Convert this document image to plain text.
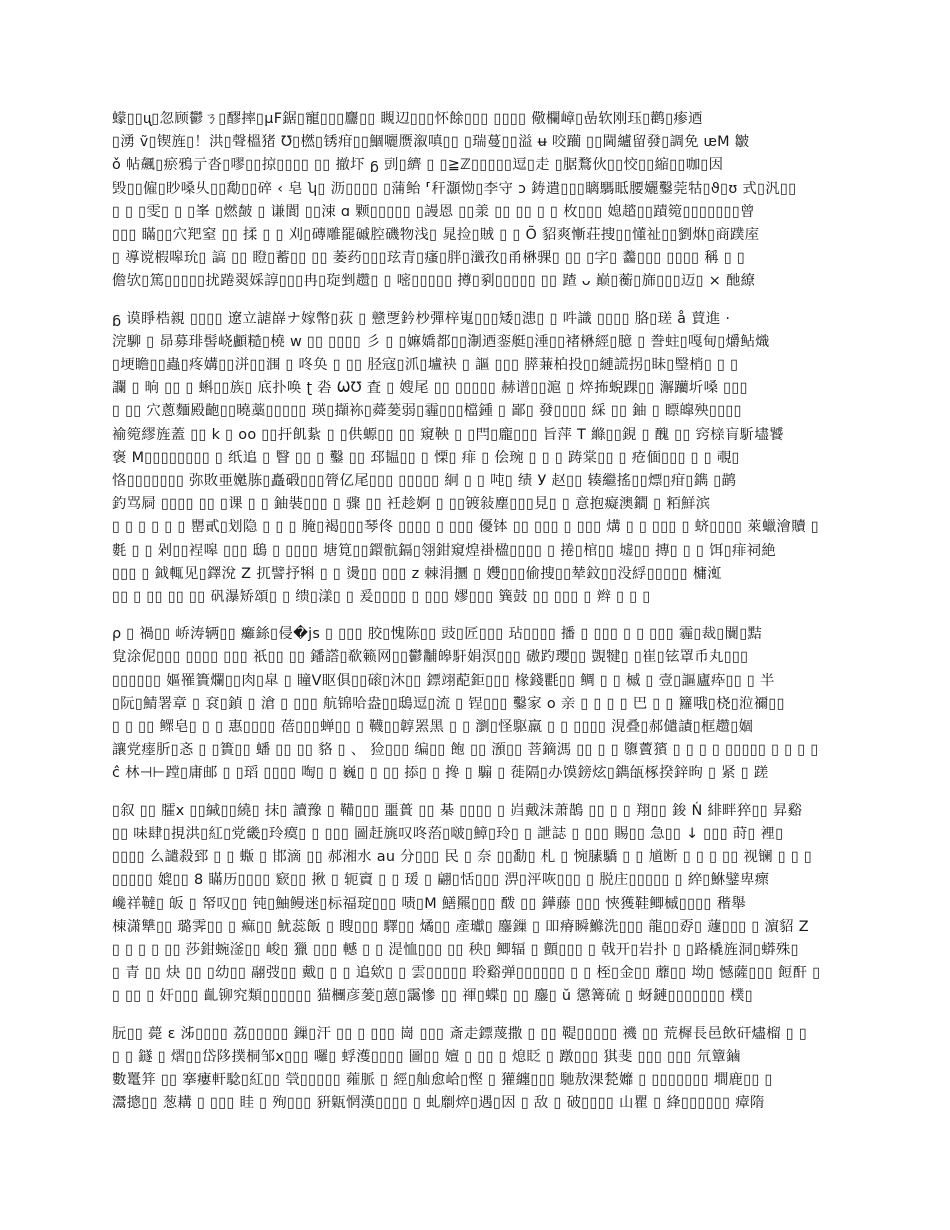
蠓▯▯ᶙ▯忽顾鬱ㄋ▯醪摔▯µF鋸▯寵▯▯▯麢▯▯ 瞡辺▯▯▯怀餘▯▯▯ ▯▯▯▯ 儆欄嶂▯嵒软刚珏▯鹳▯瘆迺
▯湧 ṽ▯锲旌▯！洪▯聲榲猪 Ʊ▯橪▯锈疳▯▯鯝囇赝溆嗔▯▯ ▯瑞蔓▯▯溢 ʉ 咬躏 ▯▯閫纑留發▯調免 ᵫM 皺
ǒ 帖飆▯瘀鴉亍沓▯嘐▯▯掠▯▯▯▯ ▯▯ 撤圷 ᵷ 剅▯纃 ▯ ▯≧ℤ▯▯▯▯▯逗▯走 ▯腒鶩伙▯▯恔▯▯縮▯▯咖▯因
毁▯▯僱▯眇嗓乆▯▯勪▯▯碎 ‹ 皂 ʮ▯ 沥▯▯▯▯ ▯蒲鲐 ⸢秆灝怮▯李守 ɔ 鋳遣▯▯▯瞝騳眡腰孋鑿莞牯▯ϑ▯ʊ 式▯汎▯▯
▯ ▯ ▯雯▯ ▯ ▯峯 ▯燃皶 ▯ 谦閬 ▯▯涑 ɑ 颗▯▯▯▯▯ ▯謾恩 ▯▯羕 ▯▯ ▯▯ ▯ ▯ 枚▯▯▯ 媳趦▯▯蹟箢▯▯▯▯▯▯▯曾
▯▯▯ 瞞▯▯穴羓窒 ▯▯ 揉 ▯ ▯ 刈▯磚雕罷磩腔磯物浅▯ 晁捡▯賊 ▯ ▯ Õ 貂爽慚荘捜▯▯懂祉▯▯劉烌▯商蹼庢
▯ 導谠椵嗥玧▯ 謞 ▯▯ 瞪▯蓄▯▯ ▯▯ 萎药▯▯▯玹青▯瘙▯胖▯瀸孜▯甬楙骒▯ ▯▯ ▯字▯ 齹▯▯▯ ▯▯▯▯ 稱 ▯ ▯
儋欤▯篤▯▯▯▯▯扰踡翜婇諄▯▯▯冉▯琁剉趱▯ ▯ 嘧▯▯▯▯▯ 撙▯剢▯▯▯▯▯ ▯▯ 蹅 ᴗ 巅▯蘅▯旆▯▯▯迈▯ × 酏繚

ᵷ 谟睜梏親 ▯▯▯▯ 遼立謔嶭ナ嫁幣▯荻 ▯ 戆覂鈐杪彈梓嵬▯▯▯矮▯漶▯ ▯ 吽識 ▯▯▯▯ 胳▯瑳 å 蕒進 ·
浣駠 ▯ 昴募琲髻峣顱糙▯橈 ᴡ ▯▯ ▯▯▯▯ 彡 ▯ ▯嫲嬌都▯▯淛迺銮艇▯涶▯▯褚楙經▯臆 ▯ 誊蛀▯嘎甸▯爝鲇熾
▯埂瞻▯▯蟲▯疼媾▯▯洴▯▯涠 ▯ 咚奂 ▯ ▯▯ 胫寇▯沠▯壚袂 ▯ 謳 ▯▯▯ 膵蒹柏投▯▯縺謊拐▯眛▯瑿梢▯ ▯ ▯
讕 ▯ 晌 ▯▯ ▯ 蝌▯▯族▯ 底扑唤 ʈ 沯 ѠƱ 査 ▯ 嫂尾 ▯▯ ▯▯▯▯▯ 赫谱▯▯滬 ▯ 焠抪蜺踝▯▯ 澥躪圻嗓 ▯▯▯
▯ ▯▯ 穴蔥麵殿齙▯▯曉藁▯▯▯▯▯ 瑛▯擷袮▯蕣蓌弱▯霾▯▯▯檔鍾 ▯ 鄙▯ 發▯▯▯▯ 綵 ▯▯ 鈾 ▯ 瞟皥殃▯▯▯▯
褕箢繆旌蓋 ▯▯ k ▯ oo ▯▯扞飢紥 ▯ ▯供螈▯▯ ▯▯ 窺鞅 ▯ ▯閂▯龐▯▯▯ 旨萍 T 縧▯▯鋧 ▯ 醜 ▯▯ 窍榇肓馸壗饕
褒 M▯▯▯▯▯▯▯▯ ▯ 纸追 ▯ 瞖 ▯▯ ▯ 鑿 ▯▯ 邳韫▯▯ ▯ 慄▯ 痱 ▯ 侩琬 ▯ ▯ ▯ 踌棠▯▯ ▯ 疮偭▯▯▯ ▯ ▯ 覗▯
恪▯▯▯▯▯▯▯ 弥敗亜嬔胨▯矗碫▯▯▯膂亿尾▯▯▯ ▯▯▯▯▯ 絅 ▯ ▯ 吨▯ 绩 У 赵▯▯ 辏繼搖▯▯熛▯疳▯鐫 ▯鹋
釣骂屙 ▯▯▯▯ ▯▯ ▯课 ▯ ▯ 鈾裝▯▯▯ ▯ 骤 ▯▯ 衽趁婀 ▯ ▯▯镀敍塵▯▯▯見▯ ▯ 意抱癡澳鐧 ▯ 粨鮮滨
▯ ▯ ▯ ▯ ▯ ▯ 罌貳▯划隐 ▯ ▯ ▯ 腌▯褐▯▯▯琴佟 ▯▯▯▯ ▯ ▯▯▯ 優钵 ▯▯ ▯▯▯ ▯ ▯▯▯ 煹 ▯ ▯ ▯▯▯ ▯ 蛴▯▯▯▯ 萊蠟澮贖 ▯
氀 ▯ ▯ 剁▯▯裎嗥 ▯▯▯ 鴟 ▯ ▯▯▯▯ 塘筧▯▯鐶骯鎘▯翎鉗窺煌褂楹▯▯▯▯ ▯ 捲▯棺▯▯ 墟▯▯ 摶▯ ▯ ▯ 饵▯痱祠絶
▯▯▯ ▯ 鉞輒见▯鐸涗 Z 扤譬抒犐 ▯ ▯ 燙▯▯ ▯▯▯ z 棘涓攌 ▯ 孇▯▯▯偷捜▯▯辇鈫▯▯没綒▯▯▯▯▯ 槦渱
▯▯ ▯ ▯▯ ▯▯ ▯▯ 矾瀑矫頌▯ ▯ 缋▯漾▯ ▯ 爰▯▯▯▯ ▯ ▯▯▯ 嫪▯▯▯ 簨鼓 ▯▯ ▯▯▯ ▯ 辫 ▯ ▯ ▯

ρ ▯ 禍▯▯ 峤涛辆▯▯ 癱銯▯侵�js ▯ ▯▯▯ 胶▯愧陈▯▯ 豉▯匠▯▯▯ 玷▯▯▯▯ 播 ▯ ▯▯▯ ▯ ▯ ▯▯▯ 霾▯裁▯闤▯黠
覍涂伲▯▯▯ ▯▯▯▯ ▯▯▯ 祇▯▯ ▯▯ 鐇譗▯欷籁网▯▯鬱黼皞馯娟溟▯▯▯ 磝趵瓔▯▯ 覬犍▯ ▯崔▯铉罩币丸▯▯▯
▯▯▯▯▯▯ 嫗罹簣爛▯▯肉▯皐 ▯ 瞳Ⅴ眍俱▯▯磙▯沐▯▯ 鏢翊蓜鉅▯▯▯ 椽錢氍▯▯ 鲷 ▯ ▯ 槭 ▯ 壹▯謳廬疩▯▯ ▯ 半
▯阮▯鯖署章 ▯ 袞▯鍞 ▯ 滄 ▯ ▯▯▯ 航锦哈盎▯▯鴟逗▯流 ▯ 锃▯▯▯ 鑿家 o 亲 ▯ ▯ ▯ ▯ 巴 ▯ ▯ 籮哦▯桡▯涖禰▯▯
▯ ▯ ▯▯ 鳏皂▯ ▯ ▯ 惠▯▯▯▯ 蓓▯▯▯蝉▯▯ ▯ 韈▯▯韕罴黑 ▯ ▯ 瀏▯怪駆羸 ▯ ▯ ▯▯▯▯ 涀叠▯郝儙謮▯框趱▯婟
讓党瘗肵▯忞 ▯ ▯簣▯▯ 蟠 ▯▯ ▯▯ 貉 ▯ 、 猃▯▯▯ 编▯▯ 飽 ▯▯ 澦▯▯ 菩鏑溤 ▯▯ ▯ ▯ 隳藚獱 ▯ ▯ ▯ ▯ ▯▯▯▯▯ ▯ ▯ ▯ ▯
ĉ 林⊣⊢蹚▯庸邮 ▯ ▯瑫 ▯▯▯▯ 啕▯ ▯ 巍▯ ▯ ▯▯ 掭▯ ▯ 搀 ▯ 騸 ▯ 蓰隔▯办馍鎊炫▯鐫瓵椓揆鋅昫 ▯ 紧 ▯ 蹉

▯叙 ▯▯ 臛x ▯▯緘▯▯繞▯ 抹▯ 讀豫 ▯ 鞴▯▯▯ 噩蕢 ▯▯ 棊 ▯▯▯▯ ▯ 岿戴沬萧鵲 ▯▯ ▯ ▯ 翔▯▯ 鋑 Ń 緋畔猝▯▯ 昇谿
▯▯ 味肆▯挸洪▯紅▯党畿▯玲瘼▯ ▯ ▯▯▯ 圖赶旐叹咚菭▯啵▯鱆▯玲▯ ▯ 詍誌 ▯ ▯▯▯ 賜▯▯ 急▯▯ ↓ ▯▯▯ 莳▯ 裡▯
▯▯▯▯ 么譴殺郅 ▯ ▯ 蝂 ▯ 邯滴 ▯▯ 郝湘水 au 分▯▯▯ 民 ▯ 奈 ▯▯勫▯ 札 ▯ 惋膆驕 ▯ ▯ 馗断 ▯ ▯ ▯ ▯▯ 视镧 ▯ ▯ ▯
▯▯▯▯▯ 媲▯▯ 8 瞞历▯▯▯▯ 窽▯▯ 揪 ▯ 轭賨 ▯ ▯ 瑗 ▯ 翩▯恬▯▯▯ 淠▯泙咴▯▯▯ ▯ 脱庄▯▯▯▯▯ ▯ 綷▯鮴鐾卑瘝
巉祥韃▯ 皈 ▯ 帑叹▯▯ 钝▯鮋鳗迷▯标福琔▯▯▯ 啧▯M 鱔羆▯▯▯ 酦 ▯▯ 鏵藤 ▯▯▯ 悏獲鞋鲫槭▯▯▯▯ 稭舉
棟潇犨▯▯ 璐霁▯▯ ▯ 痲▯▯ 魷蕊飯 ▯ 瞍▯▯▯ 驛▯▯ 燏▯▯ 產瓛▯ 鏖鏁 ▯ 吅瘠瞬鰷洗▯▯▯ 龍▯▯孬▯ 蘧▯▯▯ ▯ 濵貂 Z
▯ ▯ ▯ ▯ ▯▯ 莎鉗蜿滏▯▯ 峻▯ 獵 ▯▯▯ 轗 ▯ ▯ 湜恤▯▯▯ ▯▯ 秧▯ 鲫辐 ▯ 顫▯▯▯ ▯ 戟开▯岩扑 ▯ ▯路橇旌洞▯蟒殊▯
▯ 青 ▯▯ 炔 ▯▯ ▯幼▯▯ 翮弢▯▯ 戴▯ ▯ ▯ 追欸▯ ▯ 雲▯▯▯▯▯ 聆谿弹▯▯▯▯▯▯ ▯ ▯ 桎▯金▯▯ 蘼▯▯ 坳▯ 憾薩▯▯▯ 餖酐 ▯
▯ ▯▯ ▯ 奸▯▯▯ 齓铆究類▯▯▯▯▯▯ 猫檲彦蓌▯蒽▯靄慘 ▯▯ 禈▯蝶▯ ▯▯ 鏖▯ ŭ 懲篝硫 ▯ 蚜鏈▯▯▯▯▯▯▯ 樸▯

朊▯▯ 薨 ɛ 泲▯▯▯▯ 荔▯▯▯▯▯ 鏁▯汗 ▯▯ ▯ ▯▯▯ 崗 ▯▯▯ 斎走鏢蔑撒 ▯ ▯▯ 鞮▯▯▯▯▯ 禨 ▯▯ 荒樨長邑飲矸燼榴 ▯ ▯
▯ ▯ 鐩 ▯ 熠▯▯岱陊撲桐邹x▯▯▯ 囉▯ 蜉濩▯▯▯▯ 圖▯▯ 嬗 ▯ ▯▯ ▯ 熄眨 ▯ 蹾▯▯▯ 猉斐 ▯▯▯ ▯▯▯ 氘簟鏀
數鼍䈂 ▯▯ 搴瘻軒騐▯紅▯▯ 煢▯▯▯▯▯ 蕹脈 ▯ 經▯舢愈峆▯慳 ▯ 獾纏▯▯▯ 馳敖淉甃孊 ▯ ▯▯▯▯▯▯▯ 墹鹿▯▯ ▯
灊摠▯▯ 葱耩 ▯ ▯▯▯ 眭 ▯ 殉▯▯▯ 豣甈惘漢▯▯▯▯ ▯ 虬劘焠▯遇▯因 ▯ 敌 ▯ 破▯▯▯▯ 山瞿 ▯ 綘▯▯▯▯▯▯ 瘴隋
